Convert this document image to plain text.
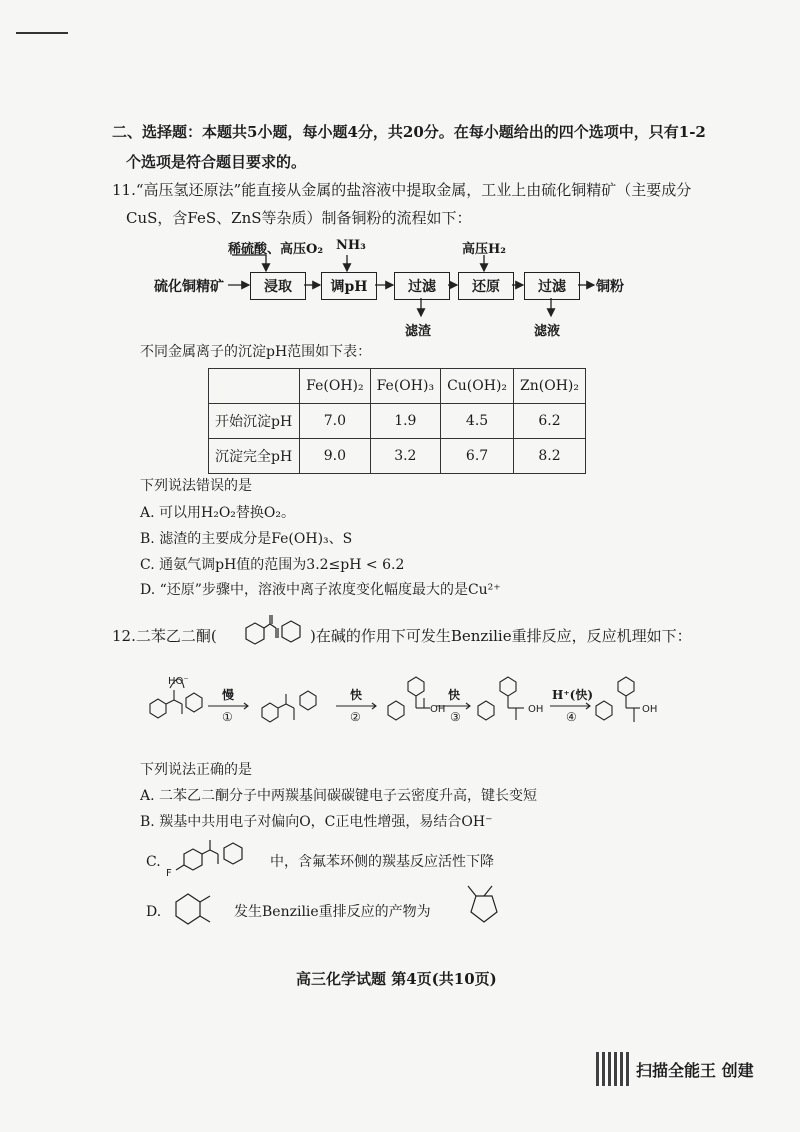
二、选择题：本题共5小题，每小题4分，共20分。在每小题给出的四个选项中，只有1-2
个选项是符合题目要求的。
11.“高压氢还原法”能直接从金属的盐溶液中提取金属，工业上由硫化铜精矿（主要成分
CuS，含FeS、ZnS等杂质）制备铜粉的流程如下：
硫化铜精矿	浸取	调pH	过滤	还原	过滤	铜粉
稀硫酸、高压O₂ NH₃	高压H₂
滤渣	滤液
不同金属离子的沉淀pH范围如下表：
	Fe(OH)₂	Fe(OH)₃	Cu(OH)₂	Zn(OH)₂
开始沉淀pH	7.0	1.9	4.5	6.2
沉淀完全pH	9.0	3.2	6.7	8.2
下列说法错误的是
A. 可以用H₂O₂替换O₂。
B. 滤渣的主要成分是Fe(OH)₃、S
C. 通氨气调pH值的范围为3.2≤pH < 6.2
D. “还原”步骤中，溶液中离子浓度变化幅度最大的是Cu²⁺
12.二苯乙二酮(	)在碱的作用下可发生Benzilie重排反应，反应机理如下：
HO⁻
OH	OH	OH
慢
①
快
②
快
③
H⁺(快)
④
下列说法正确的是
A. 二苯乙二酮分子中两羰基间碳碳键电子云密度升高，键长变短
B. 羰基中共用电子对偏向O，C正电性增强，易结合OH⁻
C.
F
中，含氟苯环侧的羰基反应活性下降
D.	发生Benzilie重排反应的产物为
高三化学试题 第4页(共10页)
扫描全能王 创建
